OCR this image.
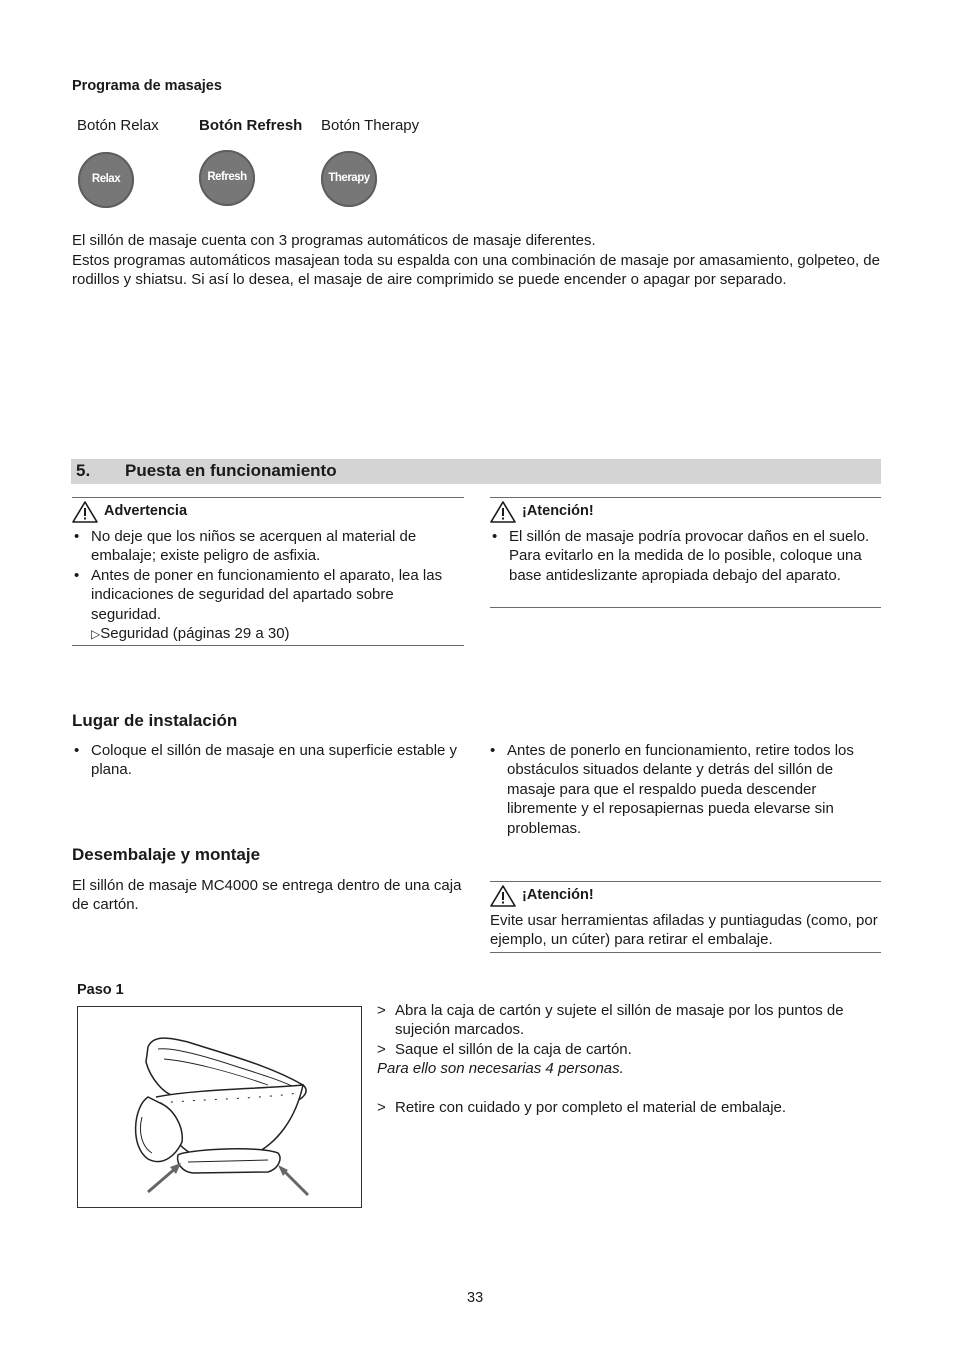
Programa de masajes
Botón Relax	Botón Refresh Botón Therapy
Relax	Refresh	Therapy
El sillón de masaje cuenta con 3 programas automáticos de masaje diferentes.
Estos programas automáticos masajean toda su espalda con una combinación de masaje por amasamiento, golpeteo, de rodillos y shiatsu. Si así lo desea, el masaje de aire comprimido se puede encender o apagar por separado.
5. Puesta en funcionamiento
Advertencia
• No deje que los niños se acerquen al material de embalaje; existe peligro de asfixia.
• Antes de poner en funcionamiento el aparato, lea las indicaciones de seguridad del apartado sobre seguridad.
▷Seguridad (páginas 29 a 30)
¡Atención!
• El sillón de masaje podría provocar daños en el suelo. Para evitarlo en la medida de lo posible, coloque una base antideslizante apropiada debajo del aparato.
Lugar de instalación
• Coloque el sillón de masaje en una superficie estable y plana.
• Antes de ponerlo en funcionamiento, retire todos los obstáculos situados delante y detrás del sillón de masaje para que el respaldo pueda descender libremente y el reposapiernas pueda elevarse sin problemas.
Desembalaje y montaje
El sillón de masaje MC4000 se entrega dentro de una caja de cartón.
¡Atención!
Evite usar herramientas afiladas y puntiagudas (como, por ejemplo, un cúter) para retirar el embalaje.
Paso 1
> Abra la caja de cartón y sujete el sillón de masaje por los puntos de sujeción marcados.
> Saque el sillón de la caja de cartón.
Para ello son necesarias 4 personas.
> Retire con cuidado y por completo el material de embalaje.
33
